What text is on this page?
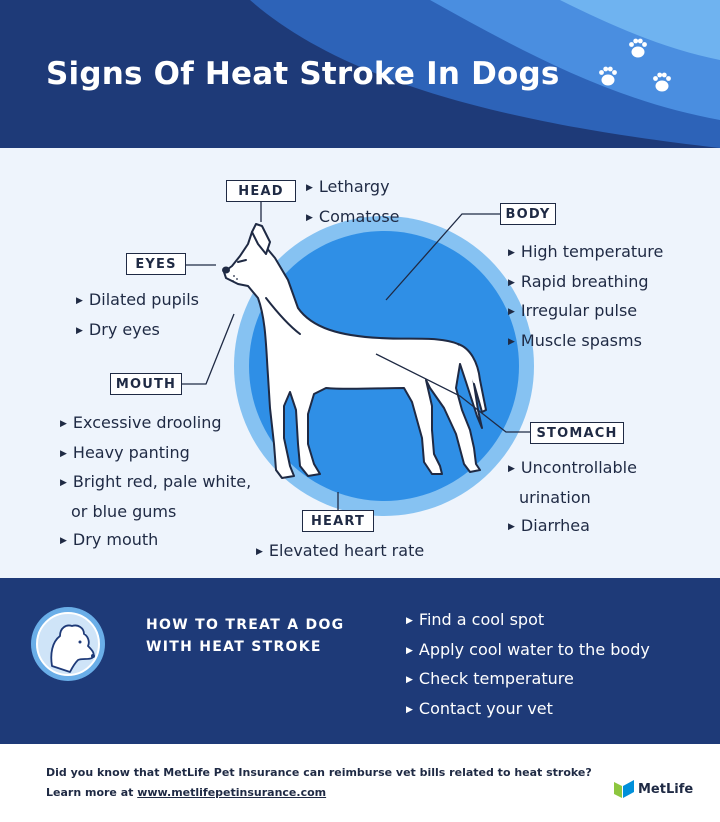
Signs Of Heat Stroke In Dogs
HEAD	▶ Lethargy
▶ Comatose
EYES
▶ Dilated pupils
▶ Dry eyes
MOUTH
▶ Excessive drooling
▶ Heavy panting
▶ Bright red, pale white,
or blue gums
▶ Dry mouth
HEART
▶ Elevated heart rate
BODY
▶ High temperature
▶ Rapid breathing
▶ Irregular pulse
▶ Muscle spasms
STOMACH
▶ Uncontrollable
urination
▶ Diarrhea
HOW TO TREAT A DOG
WITH HEAT STROKE
▶ Find a cool spot
▶ Apply cool water to the body
▶ Check temperature
▶ Contact your vet
Did you know that MetLife Pet Insurance can reimburse vet bills related to heat stroke?
Learn more at www.metlifepetinsurance.com	MetLife
